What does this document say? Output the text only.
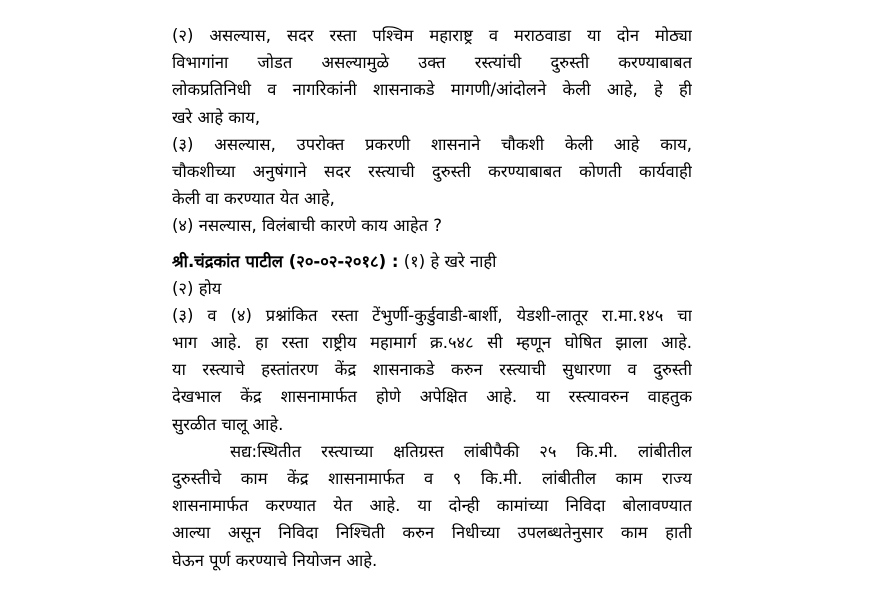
(२) असल्यास, सदर रस्ता पश्चिम महाराष्ट्र व मराठवाडा या दोन मोठ्या
विभागांना जोडत असल्यामुळे उक्त रस्त्यांची दुरुस्ती करण्याबाबत
लोकप्रतिनिधी व नागरिकांनी शासनाकडे मागणी/आंदोलने केली आहे, हे ही
खरे आहे काय,
(३) असल्यास, उपरोक्त प्रकरणी शासनाने चौकशी केली आहे काय,
चौकशीच्या अनुषंगाने सदर रस्त्याची दुरुस्ती करण्याबाबत कोणती कार्यवाही
केली वा करण्यात येत आहे,
(४) नसल्यास, विलंबाची कारणे काय आहेत ?
श्री.चंद्रकांत पाटील (२०-०२-२०१८) : (१) हे खरे नाही
(२) होय
(३) व (४) प्रश्नांकित रस्ता टेंभुर्णी-कुर्डुवाडी-बार्शी, येडशी-लातूर रा.मा.१४५ चा
भाग आहे. हा रस्ता राष्ट्रीय महामार्ग क्र.५४८ सी म्हणून घोषित झाला आहे.
या रस्त्याचे हस्तांतरण केंद्र शासनाकडे करुन रस्त्याची सुधारणा व दुरुस्ती
देखभाल केंद्र शासनामार्फत होणे अपेक्षित आहे. या रस्त्यावरुन वाहतुक
सुरळीत चालू आहे.
सद्य:स्थितीत रस्त्याच्या क्षतिग्रस्त लांबीपैकी २५ कि.मी. लांबीतील
दुरुस्तीचे काम केंद्र शासनामार्फत व ९ कि.मी. लांबीतील काम राज्य
शासनामार्फत करण्यात येत आहे. या दोन्ही कामांच्या निविदा बोलावण्यात
आल्या असून निविदा निश्चिती करुन निधीच्या उपलब्धतेनुसार काम हाती
घेऊन पूर्ण करण्याचे नियोजन आहे.
